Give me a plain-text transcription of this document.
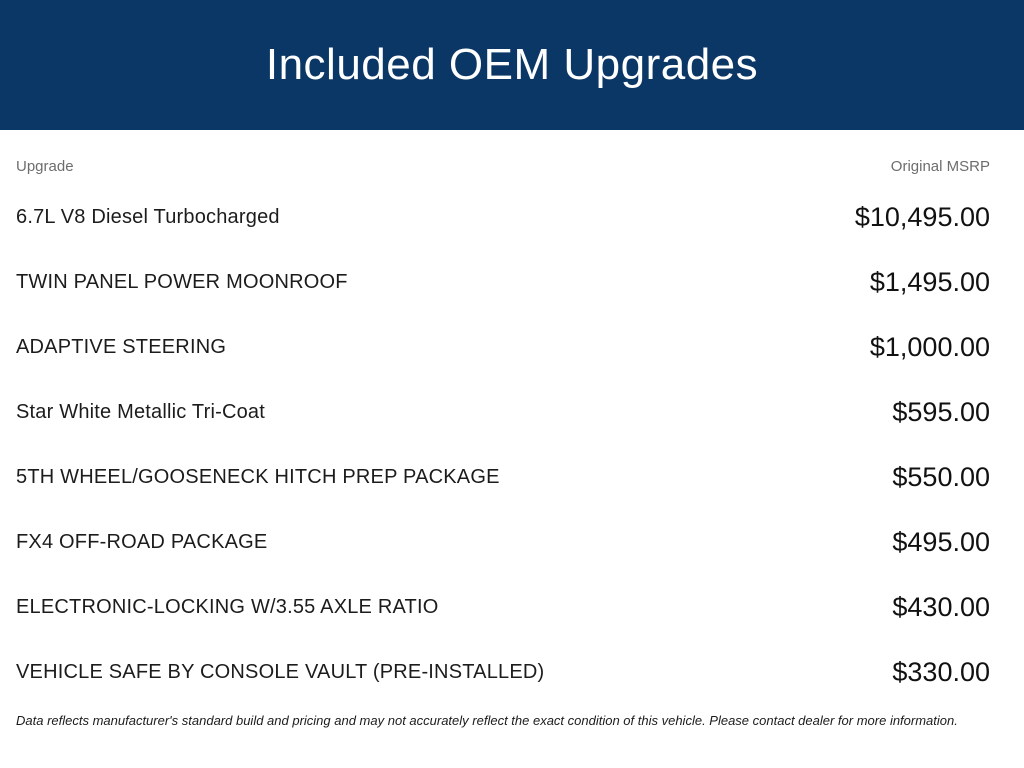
Included OEM Upgrades
Upgrade	Original MSRP
6.7L V8 Diesel Turbocharged	$10,495.00
TWIN PANEL POWER MOONROOF	$1,495.00
ADAPTIVE STEERING	$1,000.00
Star White Metallic Tri-Coat	$595.00
5TH WHEEL/GOOSENECK HITCH PREP PACKAGE	$550.00
FX4 OFF-ROAD PACKAGE	$495.00
ELECTRONIC-LOCKING W/3.55 AXLE RATIO	$430.00
VEHICLE SAFE BY CONSOLE VAULT (PRE-INSTALLED)	$330.00
Data reflects manufacturer's standard build and pricing and may not accurately reflect the exact condition of this vehicle. Please contact dealer for more information.
